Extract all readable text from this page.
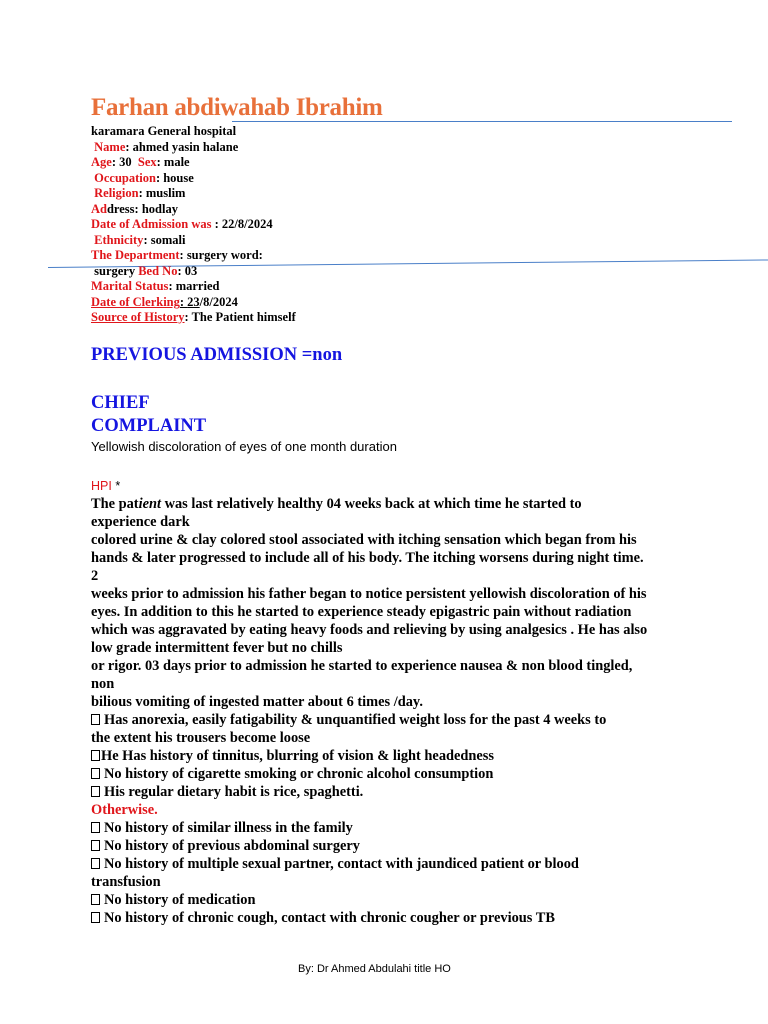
Farhan abdiwahab Ibrahim
karamara General hospital
Name: ahmed yasin halane
Age: 30 Sex: male
Occupation: house
Religion: muslim
Address: hodlay
Date of Admission was : 22/8/2024
Ethnicity: somali
The Department: surgery word:
surgery Bed No: 03
Marital Status: married
Date of Clerking: 23/8/2024
Source of History: The Patient himself
PREVIOUS ADMISSION =non
CHIEF
COMPLAINT
Yellowish discoloration of eyes of one month duration
HPI *
The patient was last relatively healthy 04 weeks back at which time he started to
experience dark
colored urine & clay colored stool associated with itching sensation which began from his
hands & later progressed to include all of his body. The itching worsens during night time.
2
weeks prior to admission his father began to notice persistent yellowish discoloration of his
eyes. In addition to this he started to experience steady epigastric pain without radiation
which was aggravated by eating heavy foods and relieving by using analgesics . He has also
low grade intermittent fever but no chills
or rigor. 03 days prior to admission he started to experience nausea & non blood tingled,
non
bilious vomiting of ingested matter about 6 times /day.
Has anorexia, easily fatigability & unquantified weight loss for the past 4 weeks to
the extent his trousers become loose
He Has history of tinnitus, blurring of vision & light headedness
No history of cigarette smoking or chronic alcohol consumption
His regular dietary habit is rice, spaghetti.
Otherwise.
No history of similar illness in the family
No history of previous abdominal surgery
No history of multiple sexual partner, contact with jaundiced patient or blood
transfusion
No history of medication
No history of chronic cough, contact with chronic cougher or previous TB
By: Dr Ahmed Abdulahi title HO
